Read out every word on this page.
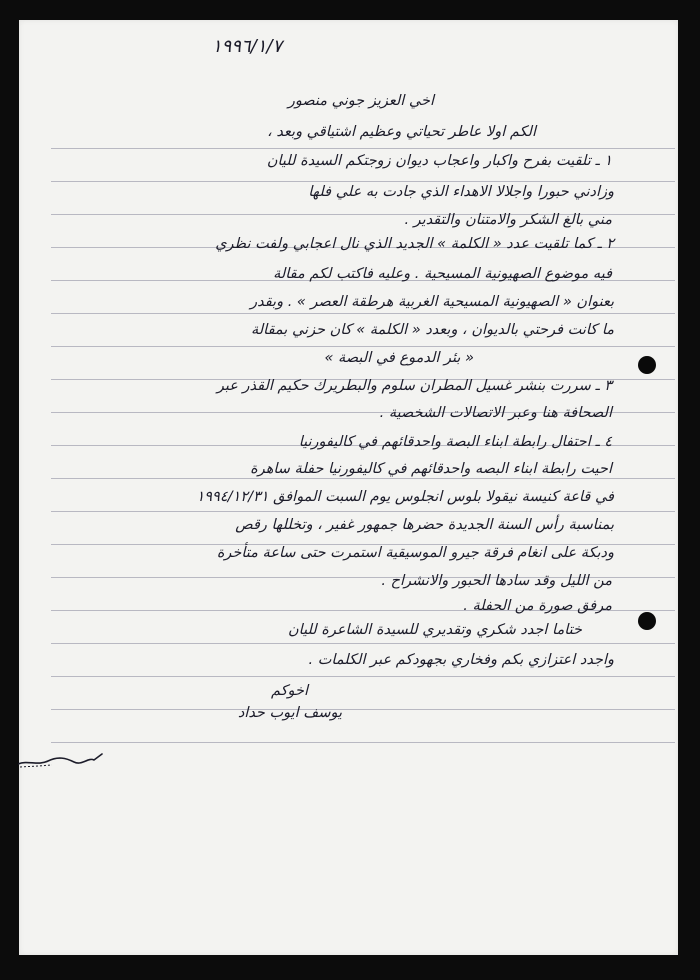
١٩٩٦/١/٧
اخي العزيز جوني منصور
الكم اولا عاطر تحياتي وعظيم اشتياقي وبعد ،
١ ـ تلقيت بفرح واكبار واعجاب ديوان زوجتكم السيدة لليان
وزادني حبورا واجلالا الاهداء الذي جادت به علي فلها
مني بالغ الشكر والامتنان والتقدير .
٢ ـ كما تلقيت عدد « الكلمة » الجديد الذي نال اعجابي ولفت نظري
فيه موضوع الصهيونية المسيحية . وعليه فاكتب لكم مقالة
بعنوان « الصهيونية المسيحية الغربية هرطقة العصر » . وبقدر
ما كانت فرحتي بالديوان ، وبعدد « الكلمة » كان حزني بمقالة
« بئر الدموع في البصة »
٣ ـ سررت بنشر غسيل المطران سلوم والبطريرك حكيم القذر عبر
الصحافة هنا وعبر الاتصالات الشخصية .
٤ ـ احتفال رابطة ابناء البصة واحدقائهم في كاليفورنيا
احيت رابطة ابناء البصه واحدقائهم في كاليفورنيا حفلة ساهرة
في قاعة كنيسة نيقولا بلوس انجلوس يوم السبت الموافق ١٩٩٤/١٢/٣١
بمناسبة رأس السنة الجديدة حضرها جمهور غفير ، وتخللها رقص
ودبكة على انغام فرقة جيرو الموسيقية استمرت حتى ساعة متأخرة
من الليل وقد سادها الحبور والانشراح .
مرفق صورة من الحفلة .
ختاما اجدد شكري وتقديري للسيدة الشاعرة لليان
واجدد اعتزازي بكم وفخاري بجهودكم عبر الكلمات .
اخوكم
يوسف ايوب حداد
